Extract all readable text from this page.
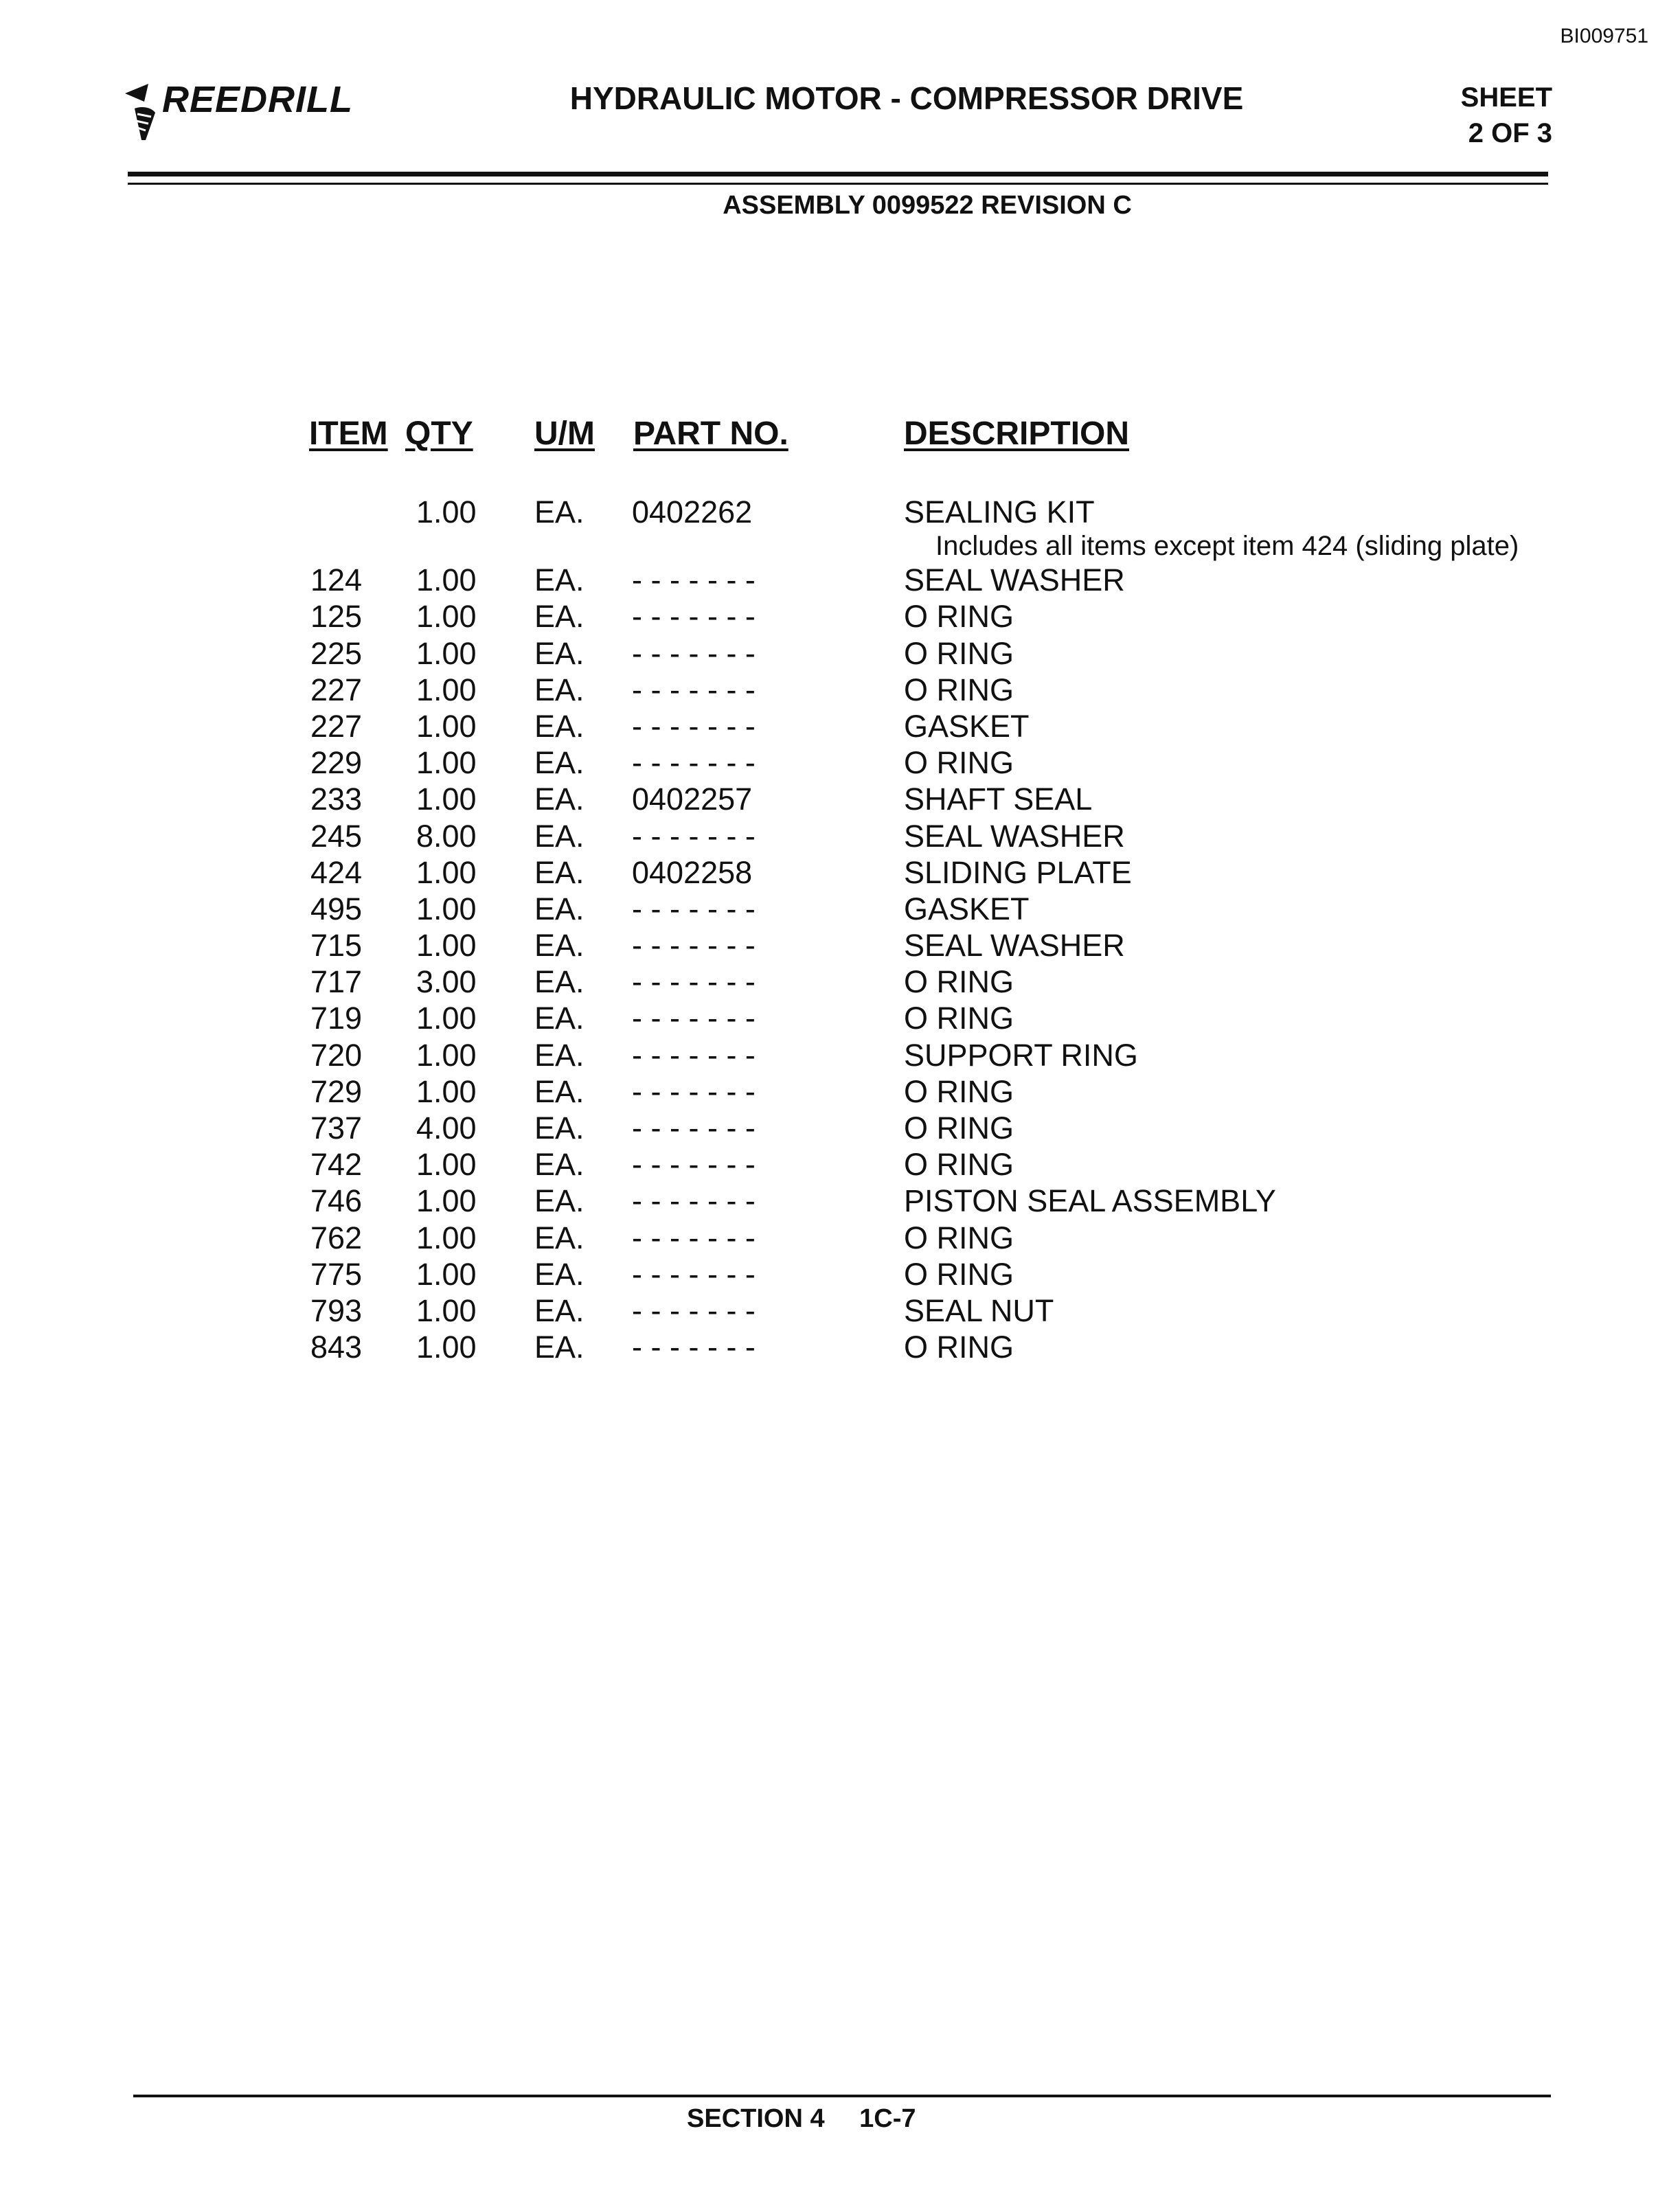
BI009751
REEDRILL	HYDRAULIC MOTOR - COMPRESSOR DRIVE	SHEET
2 OF 3
ASSEMBLY 0099522 REVISION C
ITEM QTY U/M PART NO.	DESCRIPTION
1.00 EA. 0402262	SEALING KIT
Includes all items except item 424 (sliding plate)
124 1.00 EA. - - - - - - -	SEAL WASHER
125 1.00 EA. - - - - - - -	O RING
225 1.00 EA. - - - - - - -	O RING
227 1.00 EA. - - - - - - -	O RING
227 1.00 EA. - - - - - - -	GASKET
229 1.00 EA. - - - - - - -	O RING
233 1.00 EA. 0402257	SHAFT SEAL
245 8.00 EA. - - - - - - -	SEAL WASHER
424 1.00 EA. 0402258	SLIDING PLATE
495 1.00 EA. - - - - - - -	GASKET
715 1.00 EA. - - - - - - -	SEAL WASHER
717 3.00 EA. - - - - - - -	O RING
719 1.00 EA. - - - - - - -	O RING
720 1.00 EA. - - - - - - -	SUPPORT RING
729 1.00 EA. - - - - - - -	O RING
737 4.00 EA. - - - - - - -	O RING
742 1.00 EA. - - - - - - -	O RING
746 1.00 EA. - - - - - - -	PISTON SEAL ASSEMBLY
762 1.00 EA. - - - - - - -	O RING
775 1.00 EA. - - - - - - -	O RING
793 1.00 EA. - - - - - - -	SEAL NUT
843 1.00 EA. - - - - - - -	O RING
SECTION 4 1C-7
